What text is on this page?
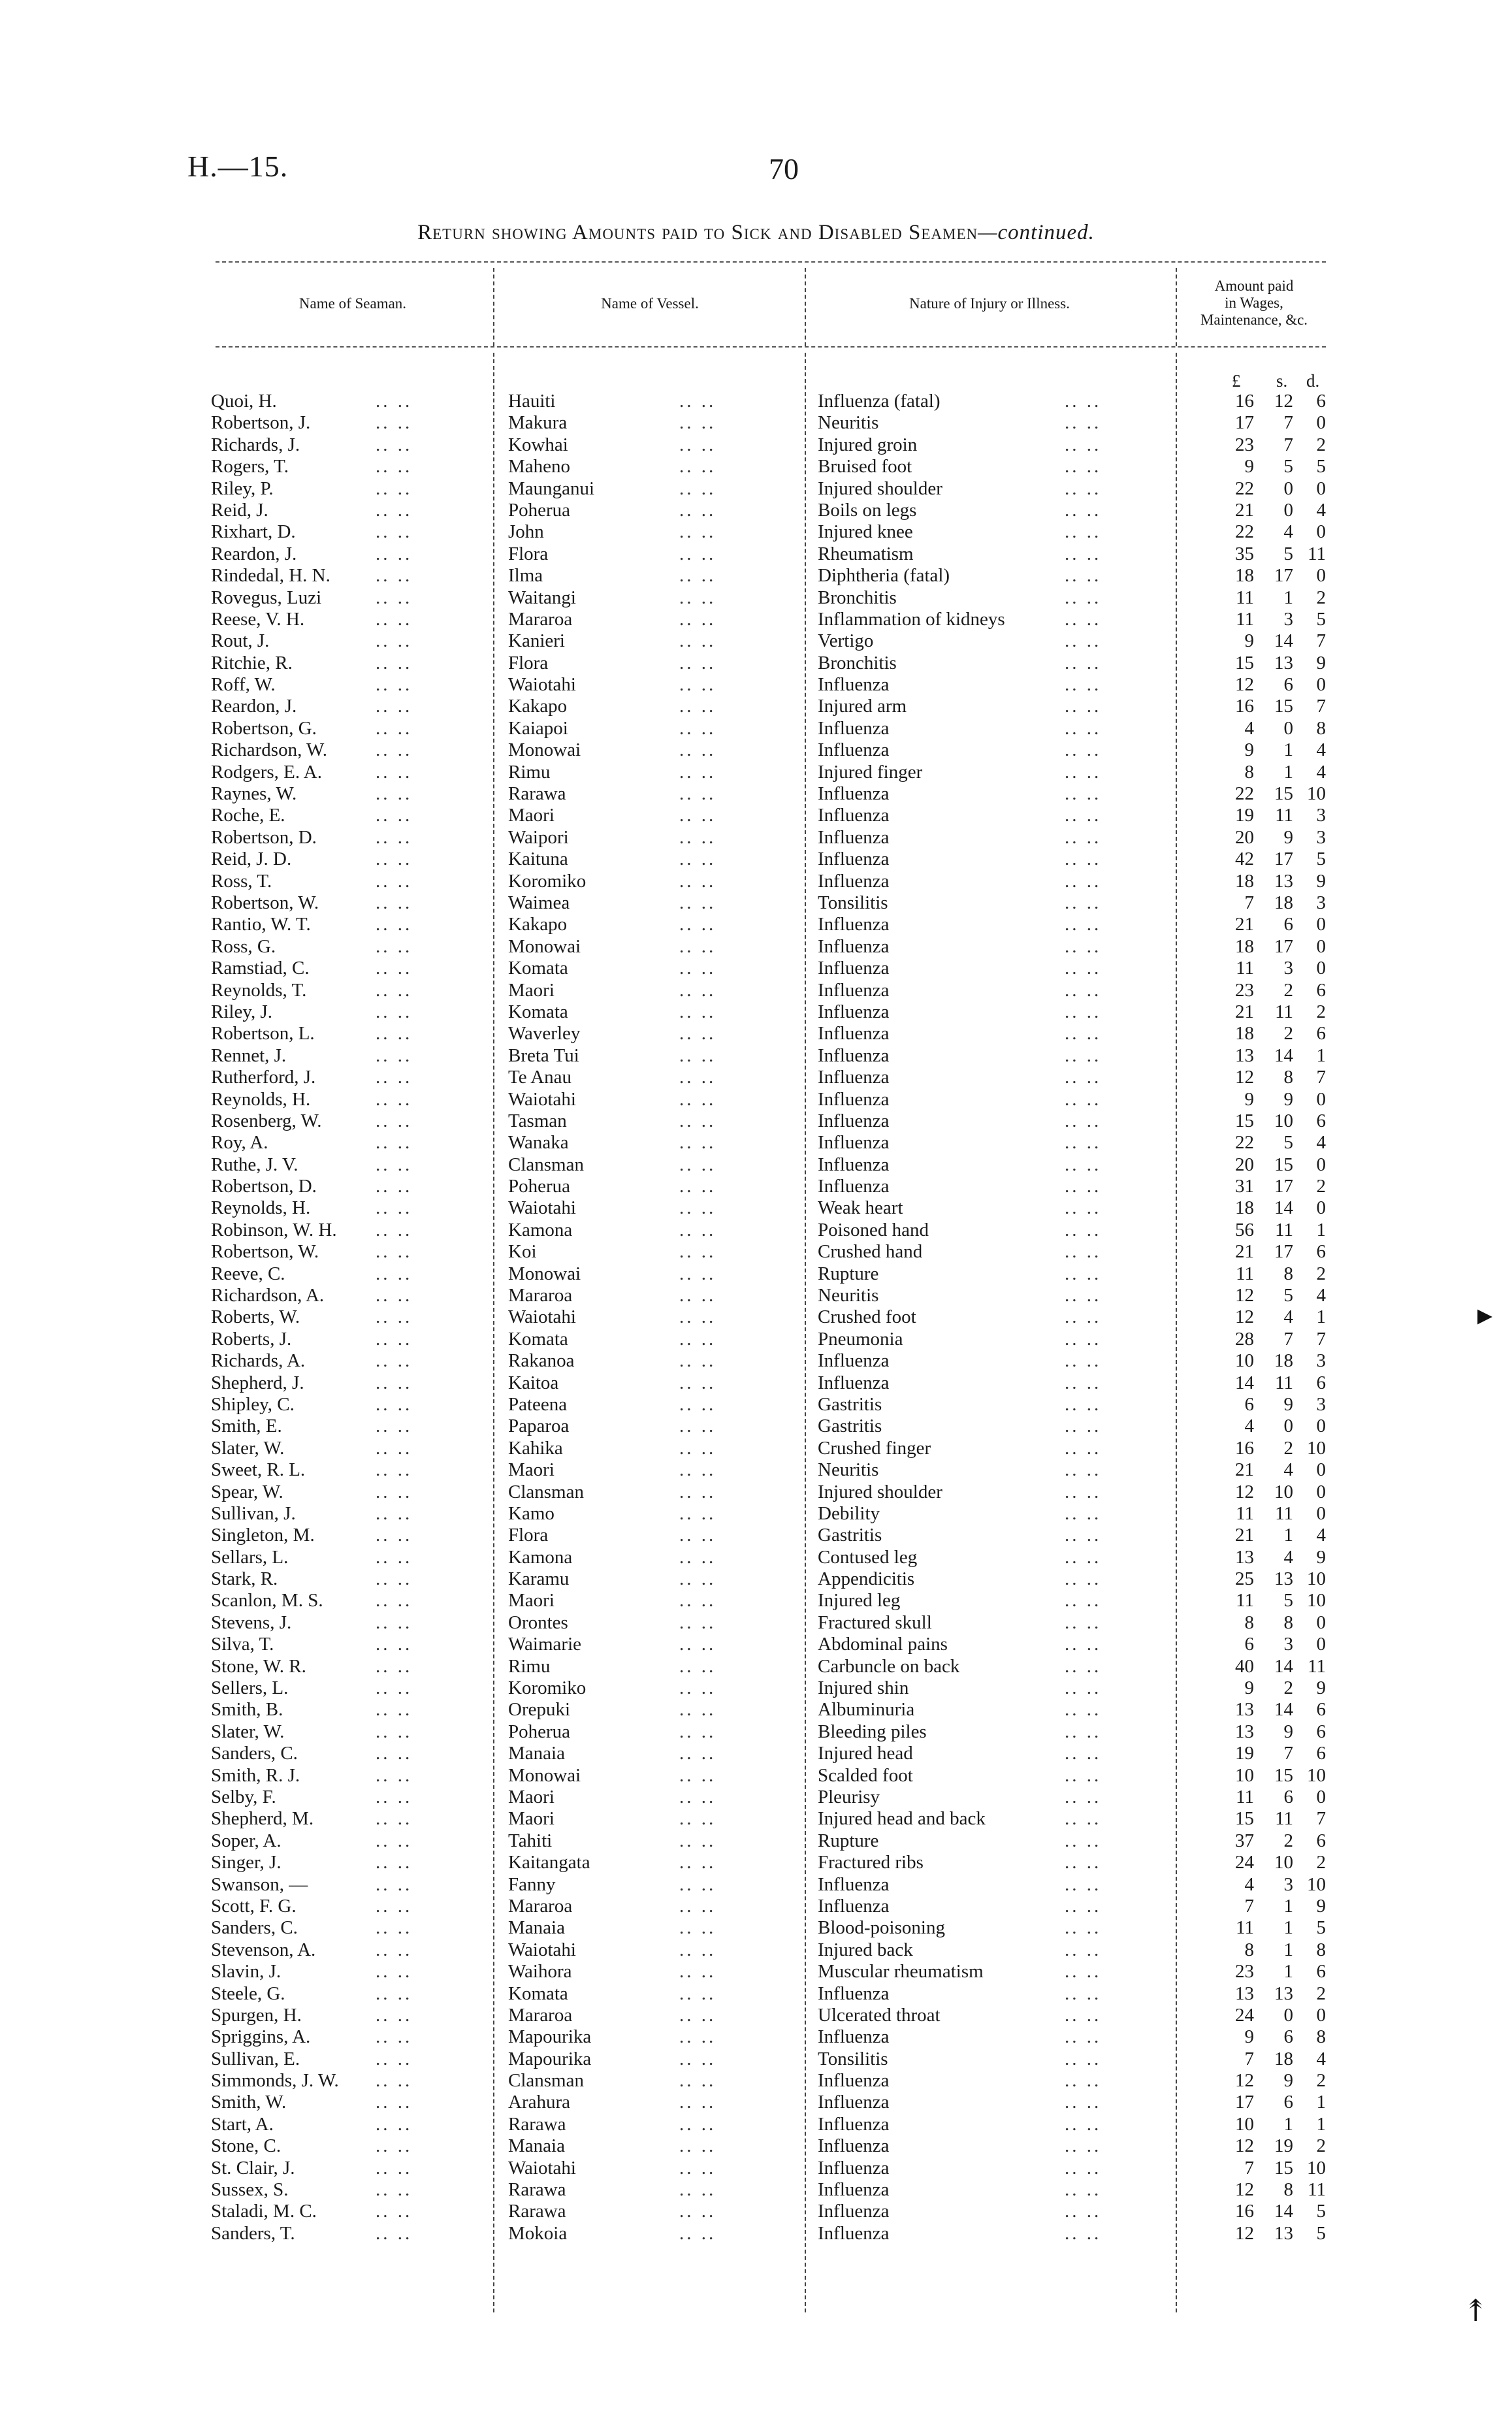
H.—15.	70
Return showing Amounts paid to Sick and Disabled Seamen—continued.
Name of Seaman.	Name of Vessel.	Nature of Injury or Illness.
Amount paid
in Wages,
Maintenance, &c.
£ s. d.
Quoi, H.	.. ..	Hauiti	.. ..	Influenza (fatal)	.. ..	16	12	6
Robertson, J.	.. ..	Makura	.. ..	Neuritis	.. ..	17	7	0
Richards, J.	.. ..	Kowhai	.. ..	Injured groin	.. ..	23	7	2
Rogers, T.	.. ..	Maheno	.. ..	Bruised foot	.. ..	9	5	5
Riley, P.	.. ..	Maunganui	.. ..	Injured shoulder	.. ..	22	0	0
Reid, J.	.. ..	Poherua	.. ..	Boils on legs	.. ..	21	0	4
Rixhart, D.	.. ..	John	.. ..	Injured knee	.. ..	22	4	0
Reardon, J.	.. ..	Flora	.. ..	Rheumatism	.. ..	35	5 11
Rindedal, H. N. .. ..	Ilma	.. ..	Diphtheria (fatal)	.. ..	18	17	0
Rovegus, Luzi	.. ..	Waitangi	.. ..	Bronchitis	.. ..	11	1	2
Reese, V. H.	.. ..	Mararoa	.. ..	Inflammation of kidneys	.. ..	11	3	5
Rout, J.	.. ..	Kanieri	.. ..	Vertigo	.. ..	9	14	7
Ritchie, R.	.. ..	Flora	.. ..	Bronchitis	.. ..	15	13	9
Roff, W.	.. ..	Waiotahi	.. ..	Influenza	.. ..	12	6	0
Reardon, J.	.. ..	Kakapo	.. ..	Injured arm	.. ..	16	15	7
Robertson, G.	.. ..	Kaiapoi	.. ..	Influenza	.. ..	4	0	8
Richardson, W.	.. ..	Monowai	.. ..	Influenza	.. ..	9	1	4
Rodgers, E. A.	.. ..	Rimu	.. ..	Injured finger	.. ..	8	1	4
Raynes, W.	.. ..	Rarawa	.. ..	Influenza	.. ..	22	15 10
Roche, E.	.. ..	Maori	.. ..	Influenza	.. ..	19	11	3
Robertson, D.	.. ..	Waipori	.. ..	Influenza	.. ..	20	9	3
Reid, J. D.	.. ..	Kaituna	.. ..	Influenza	.. ..	42	17	5
Ross, T.	.. ..	Koromiko	.. ..	Influenza	.. ..	18	13	9
Robertson, W.	.. ..	Waimea	.. ..	Tonsilitis	.. ..	7	18	3
Rantio, W. T.	.. ..	Kakapo	.. ..	Influenza	.. ..	21	6	0
Ross, G.	.. ..	Monowai	.. ..	Influenza	.. ..	18	17	0
Ramstiad, C.	.. ..	Komata	.. ..	Influenza	.. ..	11	3	0
Reynolds, T.	.. ..	Maori	.. ..	Influenza	.. ..	23	2	6
Riley, J.	.. ..	Komata	.. ..	Influenza	.. ..	21	11	2
Robertson, L.	.. ..	Waverley	.. ..	Influenza	.. ..	18	2	6
Rennet, J.	.. ..	Breta Tui	.. ..	Influenza	.. ..	13	14	1
Rutherford, J.	.. ..	Te Anau	.. ..	Influenza	.. ..	12	8	7
Reynolds, H.	.. ..	Waiotahi	.. ..	Influenza	.. ..	9	9	0
Rosenberg, W.	.. ..	Tasman	.. ..	Influenza	.. ..	15	10	6
Roy, A.	.. ..	Wanaka	.. ..	Influenza	.. ..	22	5	4
Ruthe, J. V.	.. ..	Clansman	.. ..	Influenza	.. ..	20	15	0
Robertson, D.	.. ..	Poherua	.. ..	Influenza	.. ..	31	17	2
Reynolds, H.	.. ..	Waiotahi	.. ..	Weak heart	.. ..	18	14	0
Robinson, W. H. .. ..	Kamona	.. ..	Poisoned hand	.. ..	56	11	1
Robertson, W.	.. ..	Koi	.. ..	Crushed hand	.. ..	21	17	6
Reeve, C.	.. ..	Monowai	.. ..	Rupture	.. ..	11	8	2
Richardson, A.	.. ..	Mararoa	.. ..	Neuritis	.. ..	12	5	4
Roberts, W.	.. ..	Waiotahi	.. ..	Crushed foot	.. ..	12	4	1
Roberts, J.	.. ..	Komata	.. ..	Pneumonia	.. ..	28	7	7
Richards, A.	.. ..	Rakanoa	.. ..	Influenza	.. ..	10	18	3
Shepherd, J.	.. ..	Kaitoa	.. ..	Influenza	.. ..	14	11	6
Shipley, C.	.. ..	Pateena	.. ..	Gastritis	.. ..	6	9	3
Smith, E.	.. ..	Paparoa	.. ..	Gastritis	.. ..	4	0	0
Slater, W.	.. ..	Kahika	.. ..	Crushed finger	.. ..	16	2 10
Sweet, R. L.	.. ..	Maori	.. ..	Neuritis	.. ..	21	4	0
Spear, W.	.. ..	Clansman	.. ..	Injured shoulder	.. ..	12	10	0
Sullivan, J.	.. ..	Kamo	.. ..	Debility	.. ..	11	11	0
Singleton, M.	.. ..	Flora	.. ..	Gastritis	.. ..	21	1	4
Sellars, L.	.. ..	Kamona	.. ..	Contused leg	.. ..	13	4	9
Stark, R.	.. ..	Karamu	.. ..	Appendicitis	.. ..	25	13 10
Scanlon, M. S.	.. ..	Maori	.. ..	Injured leg	.. ..	11	5 10
Stevens, J.	.. ..	Orontes	.. ..	Fractured skull	.. ..	8	8	0
Silva, T.	.. ..	Waimarie	.. ..	Abdominal pains	.. ..	6	3	0
Stone, W. R.	.. ..	Rimu	.. ..	Carbuncle on back	.. ..	40	14 11
Sellers, L.	.. ..	Koromiko	.. ..	Injured shin	.. ..	9	2	9
Smith, B.	.. ..	Orepuki	.. ..	Albuminuria	.. ..	13	14	6
Slater, W.	.. ..	Poherua	.. ..	Bleeding piles	.. ..	13	9	6
Sanders, C.	.. ..	Manaia	.. ..	Injured head	.. ..	19	7	6
Smith, R. J.	.. ..	Monowai	.. ..	Scalded foot	.. ..	10	15 10
Selby, F.	.. ..	Maori	.. ..	Pleurisy	.. ..	11	6	0
Shepherd, M.	.. ..	Maori	.. ..	Injured head and back	.. ..	15	11	7
Soper, A.	.. ..	Tahiti	.. ..	Rupture	.. ..	37	2	6
Singer, J.	.. ..	Kaitangata	.. ..	Fractured ribs	.. ..	24	10	2
Swanson, —	.. ..	Fanny	.. ..	Influenza	.. ..	4	3 10
Scott, F. G.	.. ..	Mararoa	.. ..	Influenza	.. ..	7	1	9
Sanders, C.	.. ..	Manaia	.. ..	Blood-poisoning	.. ..	11	1	5
Stevenson, A.	.. ..	Waiotahi	.. ..	Injured back	.. ..	8	1	8
Slavin, J.	.. ..	Waihora	.. ..	Muscular rheumatism	.. ..	23	1	6
Steele, G.	.. ..	Komata	.. ..	Influenza	.. ..	13	13	2
Spurgen, H.	.. ..	Mararoa	.. ..	Ulcerated throat	.. ..	24	0	0
Spriggins, A.	.. ..	Mapourika	.. ..	Influenza	.. ..	9	6	8
Sullivan, E.	.. ..	Mapourika	.. ..	Tonsilitis	.. ..	7	18	4
Simmonds, J. W. .. ..	Clansman	.. ..	Influenza	.. ..	12	9	2
Smith, W.	.. ..	Arahura	.. ..	Influenza	.. ..	17	6	1
Start, A.	.. ..	Rarawa	.. ..	Influenza	.. ..	10	1	1
Stone, C.	.. ..	Manaia	.. ..	Influenza	.. ..	12	19	2
St. Clair, J.	.. ..	Waiotahi	.. ..	Influenza	.. ..	7	15 10
Sussex, S.	.. ..	Rarawa	.. ..	Influenza	.. ..	12	8 11
Staladi, M. C.	.. ..	Rarawa	.. ..	Influenza	.. ..	16	14	5
Sanders, T.	.. ..	Mokoia	.. ..	Influenza	.. ..	12	13	5
▸
↟
